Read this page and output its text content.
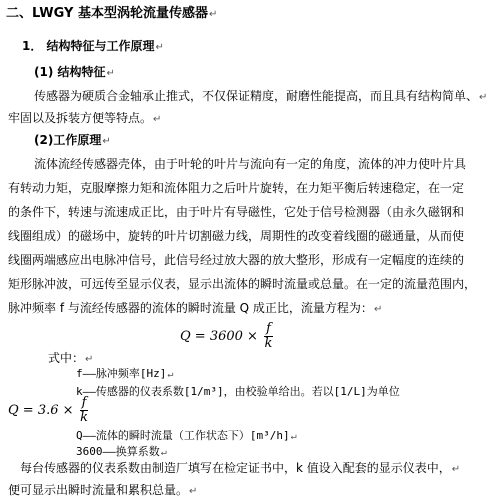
二、LWGY 基本型涡轮流量传感器↵
1． 结构特征与工作原理↵
(1) 结构特征↵
传感器为硬质合金轴承止推式，不仅保证精度，耐磨性能提高，而且具有结构简单、↵
牢固以及拆装方便等特点。↵
(2)工作原理↵
流体流经传感器壳体，由于叶轮的叶片与流向有一定的角度，流体的冲力使叶片具
有转动力矩，克服摩擦力矩和流体阻力之后叶片旋转，在力矩平衡后转速稳定，在一定
的条件下，转速与流速成正比，由于叶片有导磁性，它处于信号检测器（由永久磁钢和
线圈组成）的磁场中，旋转的叶片切割磁力线，周期性的改变着线圈的磁通量，从而使
线圈两端感应出电脉冲信号，此信号经过放大器的放大整形，形成有一定幅度的连续的
矩形脉冲波，可远传至显示仪表，显示出流体的瞬时流量或总量。在一定的流量范围内，
脉冲频率 f 与流经传感器的流体的瞬时流量 Q 成正比，流量方程为：↵
$Q = 3600 \times \frac{f}{k}$
式中：↵
f——脉冲频率[Hz]↵
k——传感器的仪表系数[1/m³]，由校验单给出。若以[1/L]为单位
$Q = 3.6 \times \frac{f}{k}$
Q——流体的瞬时流量（工作状态下）[m³/h]↵
3600——换算系数↵
每台传感器的仪表系数由制造厂填写在检定证书中，k 值设入配套的显示仪表中，↵
便可显示出瞬时流量和累积总量。↵
